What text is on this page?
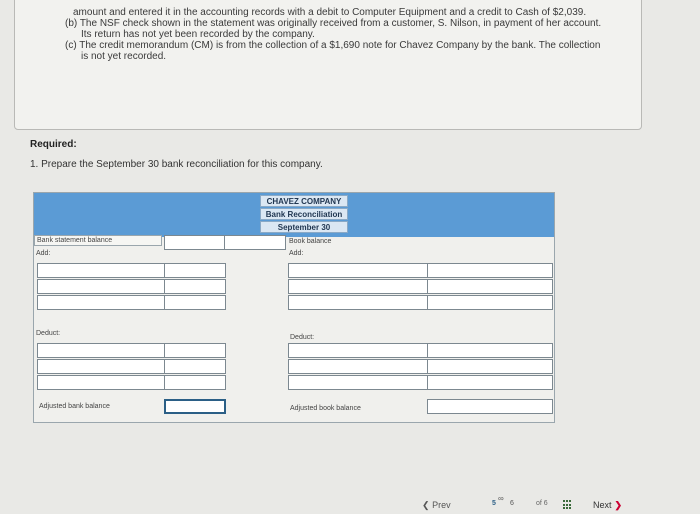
amount and entered it in the accounting records with a debit to Computer Equipment and a credit to Cash of $2,039.

(b) The NSF check shown in the statement was originally received from a customer, S. Nilson, in payment of her account.

Its return has not yet been recorded by the company.

(c) The credit memorandum (CM) is from the collection of a $1,690 note for Chavez Company by the bank. The collection

is not yet recorded.

Required:
1. Prepare the September 30 bank reconciliation for this company.
CHAVEZ COMPANY
Bank Reconciliation
September 30
Bank statement balance
Add:
Deduct:
Adjusted bank balance
Book balance
Add:
Deduct:
Adjusted book balance
❮ Prev
∞
5 6	of 6	Next ❯
